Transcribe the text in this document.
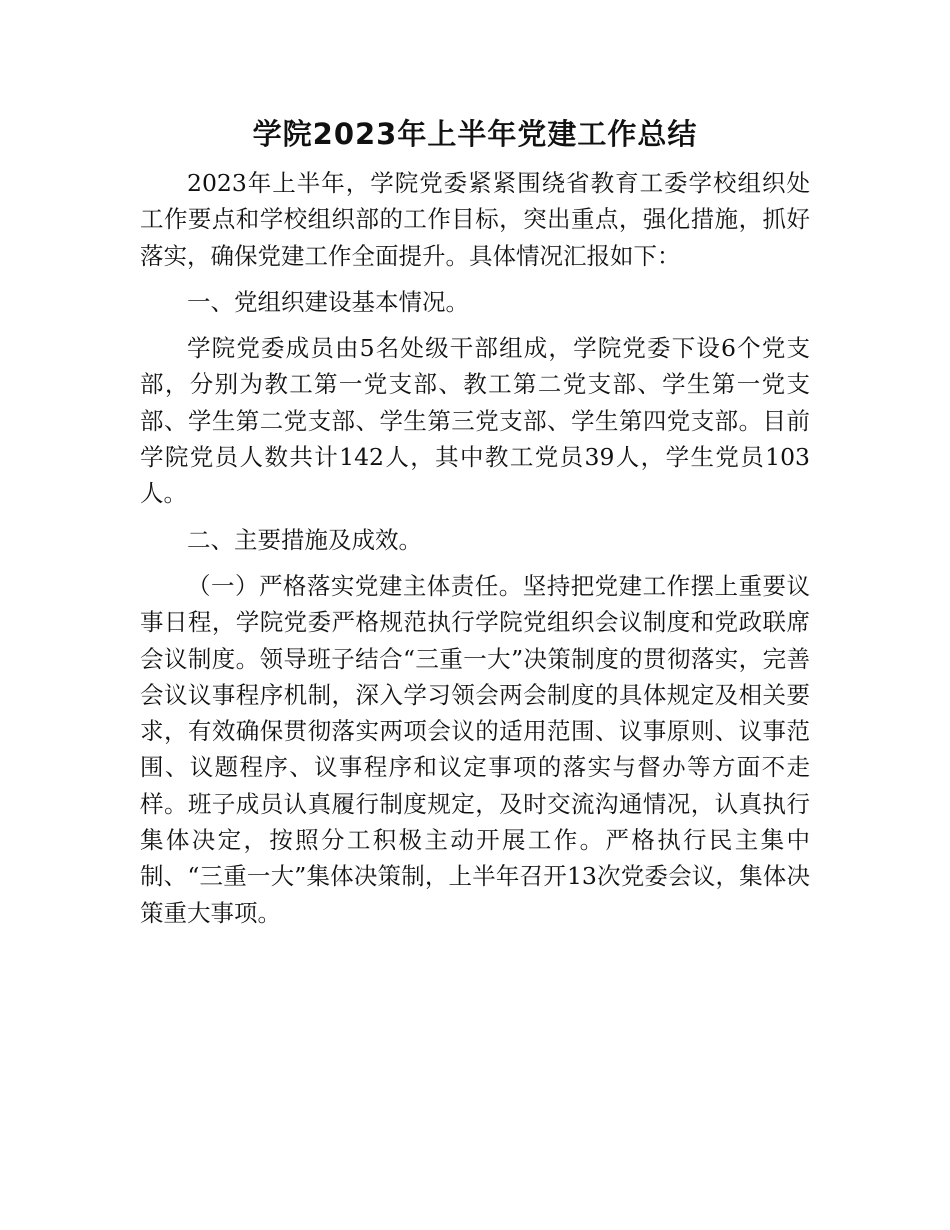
学院2023年上半年党建工作总结

2023年上半年，学院党委紧紧围绕省教育工委学校组织处工作要点和学校组织部的工作目标，突出重点，强化措施，抓好落实，确保党建工作全面提升。具体情况汇报如下：

一、党组织建设基本情况。

学院党委成员由5名处级干部组成，学院党委下设6个党支部，分别为教工第一党支部、教工第二党支部、学生第一党支部、学生第二党支部、学生第三党支部、学生第四党支部。目前学院党员人数共计142人，其中教工党员39人，学生党员103人。

二、主要措施及成效。

（一）严格落实党建主体责任。坚持把党建工作摆上重要议事日程，学院党委严格规范执行学院党组织会议制度和党政联席会议制度。领导班子结合“三重一大”决策制度的贯彻落实，完善会议议事程序机制，深入学习领会两会制度的具体规定及相关要求，有效确保贯彻落实两项会议的适用范围、议事原则、议事范围、议题程序、议事程序和议定事项的落实与督办等方面不走样。班子成员认真履行制度规定，及时交流沟通情况，认真执行集体决定，按照分工积极主动开展工作。严格执行民主集中制、“三重一大”集体决策制，上半年召开13次党委会议，集体决策重大事项。
